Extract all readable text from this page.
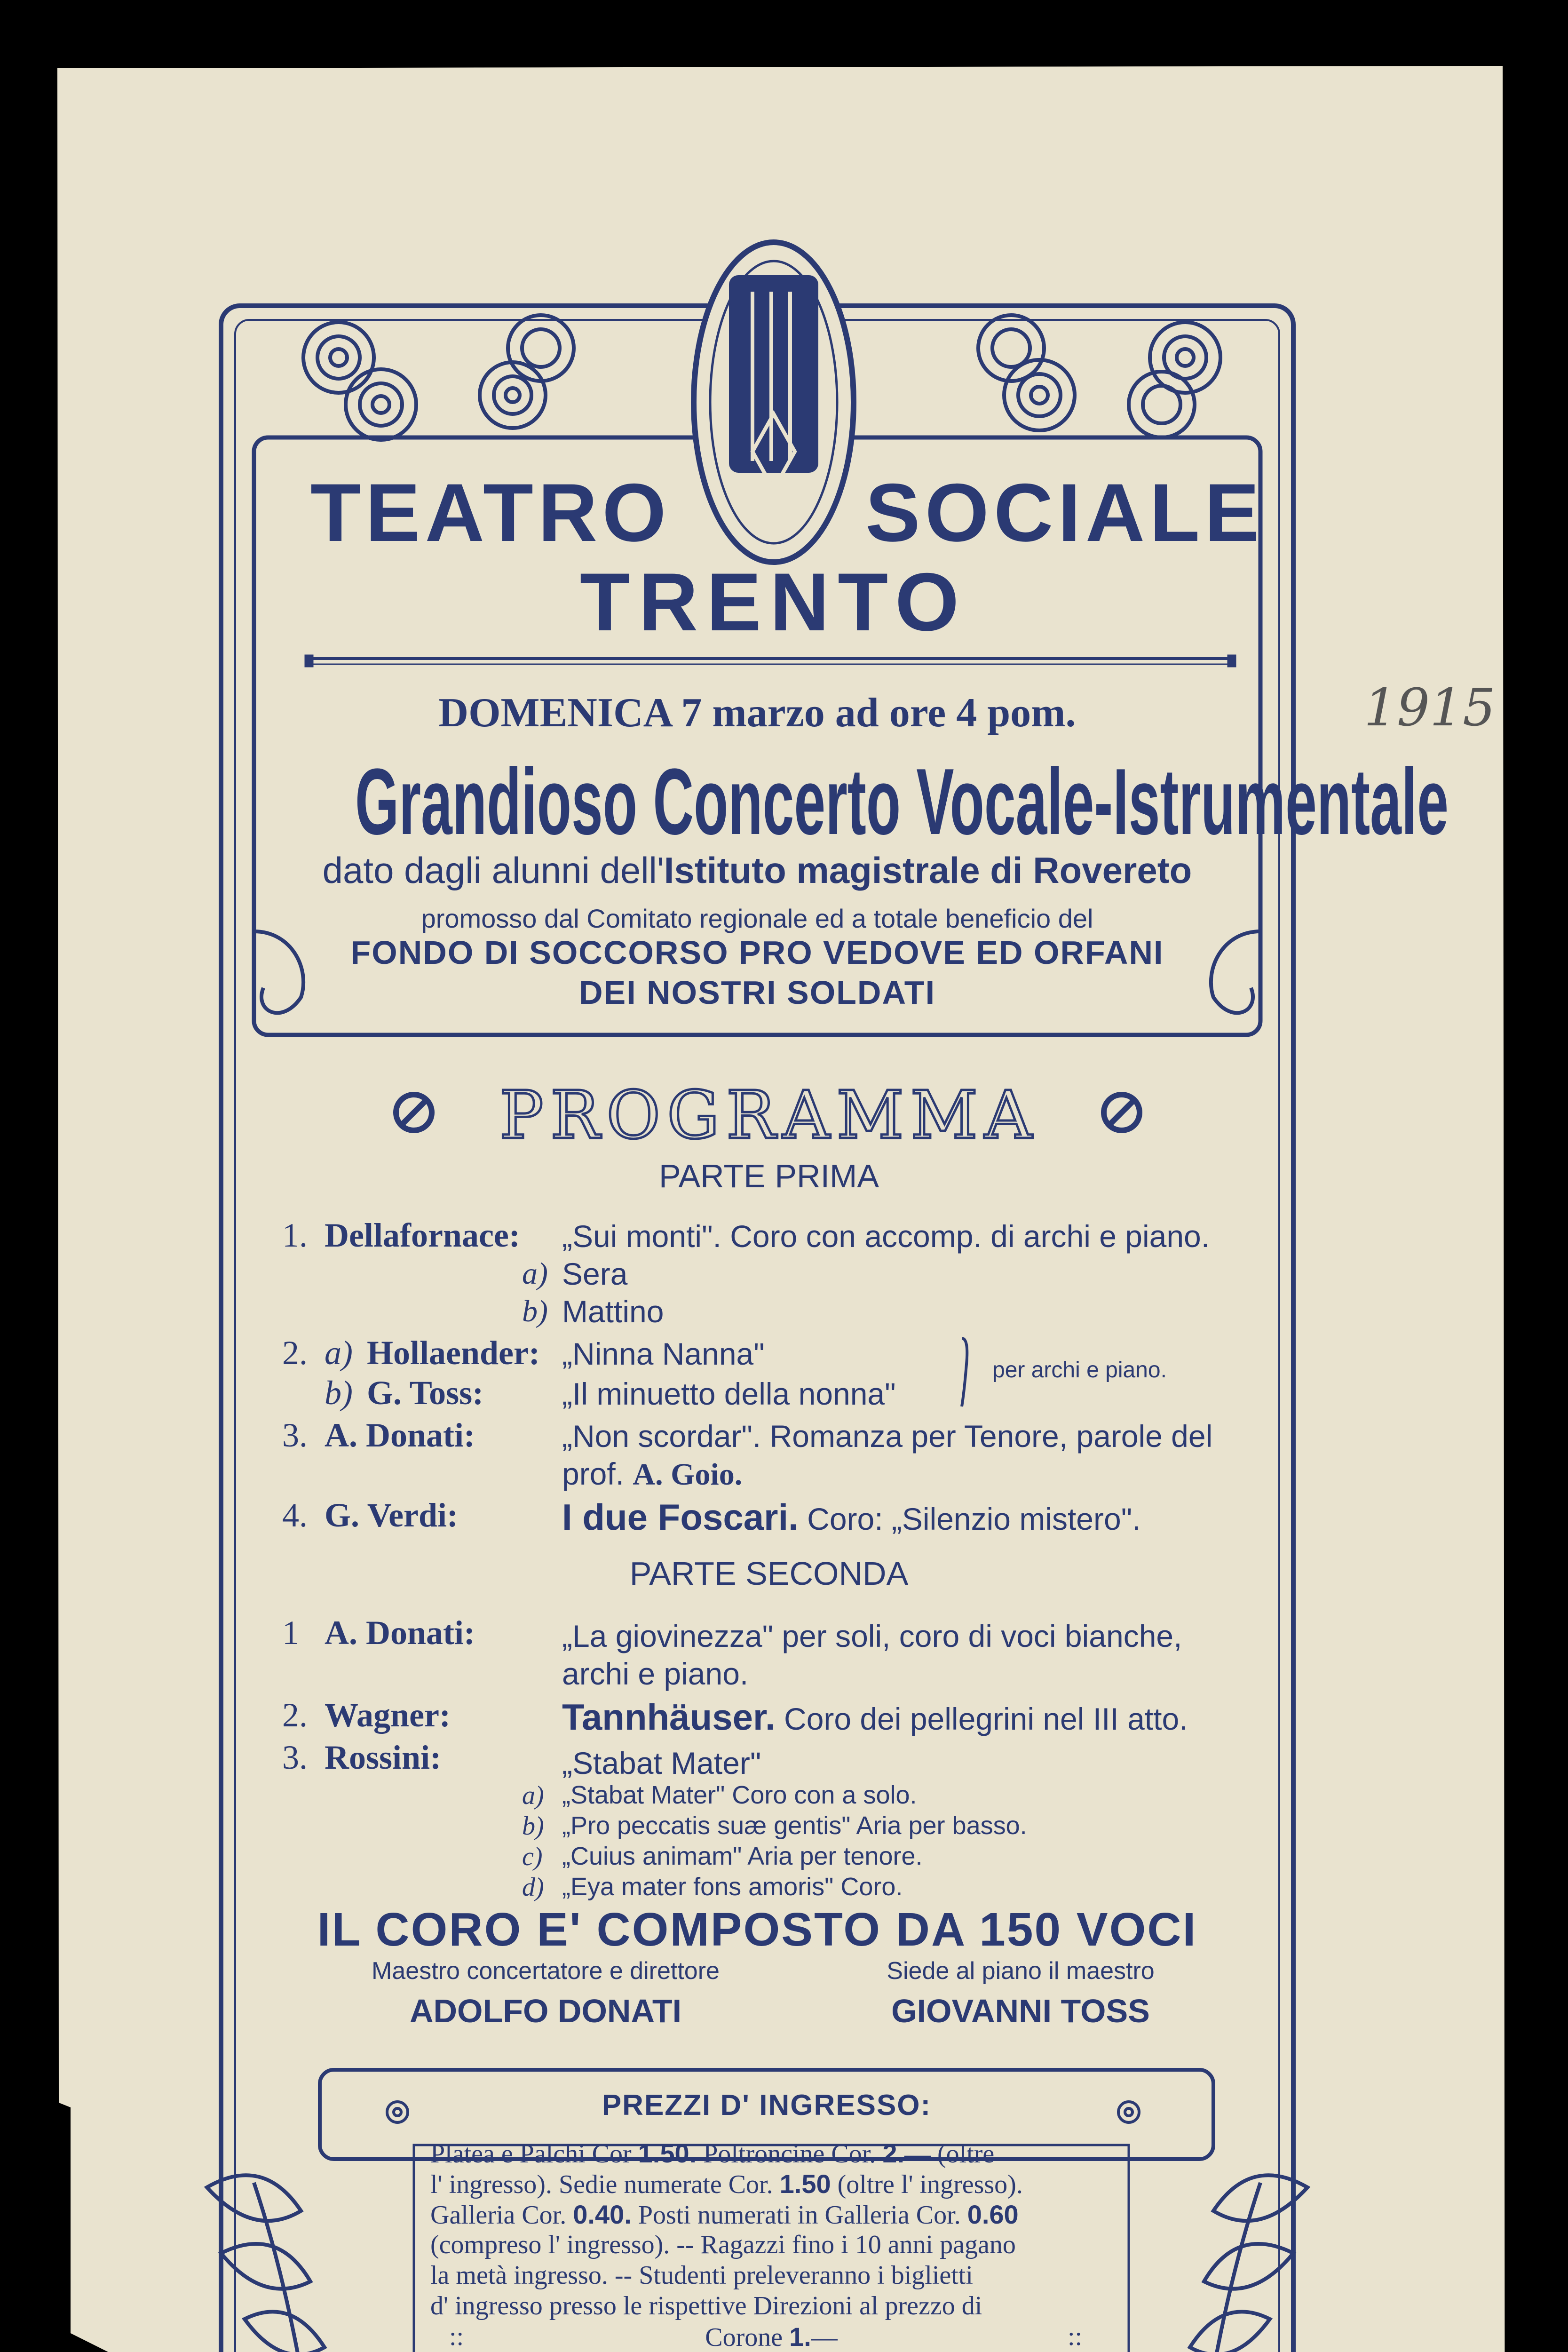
TEATRO SOCIALE
TRENTO
1915
DOMENICA 7 marzo ad ore 4 pom.
Grandioso Concerto Vocale-Istrumentale
dato dagli alunni dell'Istituto magistrale di Rovereto
promosso dal Comitato regionale ed a totale beneficio del
FONDO DI SOCCORSO PRO VEDOVE ED ORFANI
DEI NOSTRI SOLDATI
PROGRAMMA
PARTE PRIMA
1. Dellafornace: „Sui monti". Coro con accomp. di archi e piano.
a) Sera
b) Mattino
2. a) Hollaender: „Ninna Nanna"
b) G. Toss:	„Il minuetto della nonna"
per archi e piano.
3. A. Donati:	„Non scordar". Romanza per Tenore, parole del
prof. A. Goio.
4. G. Verdi:	I due Foscari. Coro: „Silenzio mistero".
PARTE SECONDA
1 A. Donati:	„La giovinezza" per soli, coro di voci bianche,
archi e piano.
2. Wagner:	Tannhäuser. Coro dei pellegrini nel III atto.
3. Rossini:	„Stabat Mater"
a) „Stabat Mater" Coro con a solo.
b) „Pro peccatis suæ gentis" Aria per basso.
c) „Cuius animam" Aria per tenore.
d) „Eya mater fons amoris" Coro.
IL CORO E' COMPOSTO DA 150 VOCI
Maestro concertatore e direttore
ADOLFO DONATI
Siede al piano il maestro
GIOVANNI TOSS
PREZZI D' INGRESSO:
Platea e Palchi Cor 1.50. Poltroncine Cor. 2.— (oltre
l' ingresso). Sedie numerate Cor. 1.50 (oltre l' ingresso).
Galleria Cor. 0.40. Posti numerati in Galleria Cor. 0.60
(compreso l' ingresso). -- Ragazzi fino i 10 anni pagano
la metà ingresso. -- Studenti preleveranno i biglietti
d' ingresso presso le rispettive Direzioni al prezzo di
::	Corone 1.—	::
